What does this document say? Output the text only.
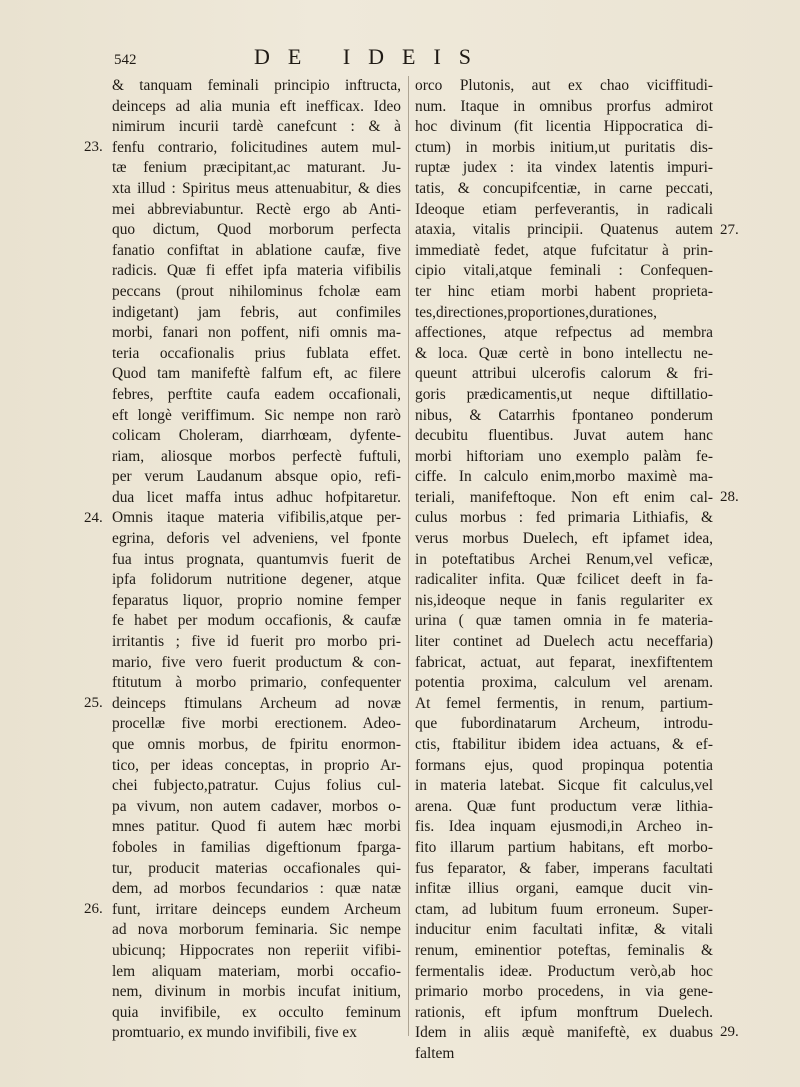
542	DE IDEIS
23.
24.
25.
26.
27.
28.
29.
& tanquam feminali principio inftructa,
deinceps ad alia munia eft inefficax. Ideo
nimirum incurii tardè canefcunt : & à
fenfu contrario, folicitudines autem mul-
tæ fenium præcipitant,ac maturant. Ju-
xta illud : Spiritus meus attenuabitur, & dies
mei abbreviabuntur. Rectè ergo ab Anti-
quo dictum, Quod morborum perfecta
fanatio confiftat in ablatione caufæ, five
radicis. Quæ fi effet ipfa materia vifibilis
peccans (prout nihilominus fcholæ eam
indigetant) jam febris, aut confimiles
morbi, fanari non poffent, nifi omnis ma-
teria occafionalis prius fublata effet.
Quod tam manifeftè falfum eft, ac filere
febres, perftite caufa eadem occafionali,
eft longè veriffimum. Sic nempe non rarò
colicam Choleram, diarrhœam, dyfente-
riam, aliosque morbos perfectè fuftuli,
per verum Laudanum absque opio, refi-
dua licet maffa intus adhuc hofpitaretur.
Omnis itaque materia vifibilis,atque per-
egrina, deforis vel adveniens, vel fponte
fua intus prognata, quantumvis fuerit de
ipfa folidorum nutritione degener, atque
feparatus liquor, proprio nomine femper
fe habet per modum occafionis, & caufæ
irritantis ; five id fuerit pro morbo pri-
mario, five vero fuerit productum & con-
ftitutum à morbo primario, confequenter
deinceps ftimulans Archeum ad novæ
procellæ five morbi erectionem. Adeo-
que omnis morbus, de fpiritu enormon-
tico, per ideas conceptas, in proprio Ar-
chei fubjecto,patratur. Cujus folius cul-
pa vivum, non autem cadaver, morbos o-
mnes patitur. Quod fi autem hæc morbi
foboles in familias digeftionum fparga-
tur, producit materias occafionales qui-
dem, ad morbos fecundarios : quæ natæ
funt, irritare deinceps eundem Archeum
ad nova morborum feminaria. Sic nempe
ubicunq; Hippocrates non reperiit vifibi-
lem aliquam materiam, morbi occafio-
nem, divinum in morbis incufat initium,
quia invifibile, ex occulto feminum
promtuario, ex mundo invifibili, five ex
orco Plutonis, aut ex chao viciffitudi-
num. Itaque in omnibus prorfus admirot
hoc divinum (fit licentia Hippocratica di-
ctum) in morbis initium,ut puritatis dis-
ruptæ judex : ita vindex latentis impuri-
tatis, & concupifcentiæ, in carne peccati,
Ideoque etiam perfeverantis, in radicali
ataxia, vitalis principii. Quatenus autem
immediatè fedet, atque fufcitatur à prin-
cipio vitali,atque feminali : Confequen-
ter hinc etiam morbi habent proprieta-
tes,directiones,proportiones,durationes,
affectiones, atque refpectus ad membra
& loca. Quæ certè in bono intellectu ne-
queunt attribui ulcerofis calorum & fri-
goris prædicamentis,ut neque diftillatio-
nibus, & Catarrhis fpontaneo ponderum
decubitu fluentibus. Juvat autem hanc
morbi hiftoriam uno exemplo palàm fe-
ciffe. In calculo enim,morbo maximè ma-
teriali, manifeftoque. Non eft enim cal-
culus morbus : fed primaria Lithiafis, &
verus morbus Duelech, eft ipfamet idea,
in poteftatibus Archei Renum,vel veficæ,
radicaliter infita. Quæ fcilicet deeft in fa-
nis,ideoque neque in fanis regulariter ex
urina ( quæ tamen omnia in fe materia-
liter continet ad Duelech actu neceffaria)
fabricat, actuat, aut feparat, inexfiftentem
potentia proxima, calculum vel arenam.
At femel fermentis, in renum, partium-
que fubordinatarum Archeum, introdu-
ctis, ftabilitur ibidem idea actuans, & ef-
formans ejus, quod propinqua potentia
in materia latebat. Sicque fit calculus,vel
arena. Quæ funt productum veræ lithia-
fis. Idea inquam ejusmodi,in Archeo in-
fito illarum partium habitans, eft morbo-
fus feparator, & faber, imperans facultati
infitæ illius organi, eamque ducit vin-
ctam, ad lubitum fuum erroneum. Super-
inducitur enim facultati infitæ, & vitali
renum, eminentior poteftas, feminalis &
fermentalis ideæ. Productum verò,ab hoc
primario morbo procedens, in via gene-
rationis, eft ipfum monftrum Duelech.
Idem in aliis æquè manifeftè, ex duabus
faltem
